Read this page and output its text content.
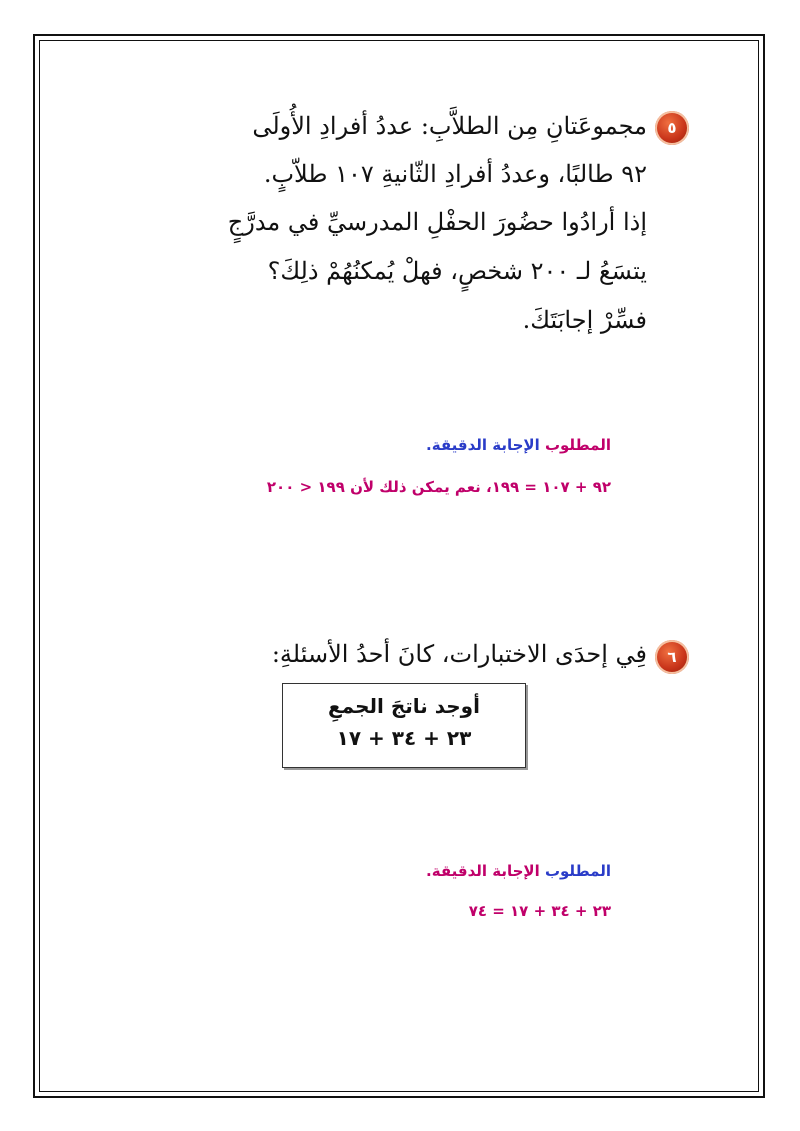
٥
مجموعَتانِ مِن الطلاَّبِ: عددُ أفرادِ الأُولَى
٩٢ طالبًا، وعددُ أفرادِ الثّانيةِ ١٠٧ طلاّبٍ.
إذا أرادُوا حضُورَ الحفْلِ المدرسيِّ في مدرَّجٍ
يتسَعُ لـ ٢٠٠ شخصٍ، فهلْ يُمكنُهُمْ ذلِكَ؟
فسِّرْ إجابَتَكَ.
المطلوب الإجابة الدقيقة.
٩٢ + ١٠٧ = ١٩٩، نعم يمكن ذلك لأن ١٩٩ < ٢٠٠
٦
فِي إحدَى الاختبارات، كانَ أحدُ الأسئلةِ:
أوجد ناتجَ الجمعِ
٢٣ + ٣٤ + ١٧
المطلوب الإجابة الدقيقة.
٢٣ + ٣٤ + ١٧ = ٧٤
